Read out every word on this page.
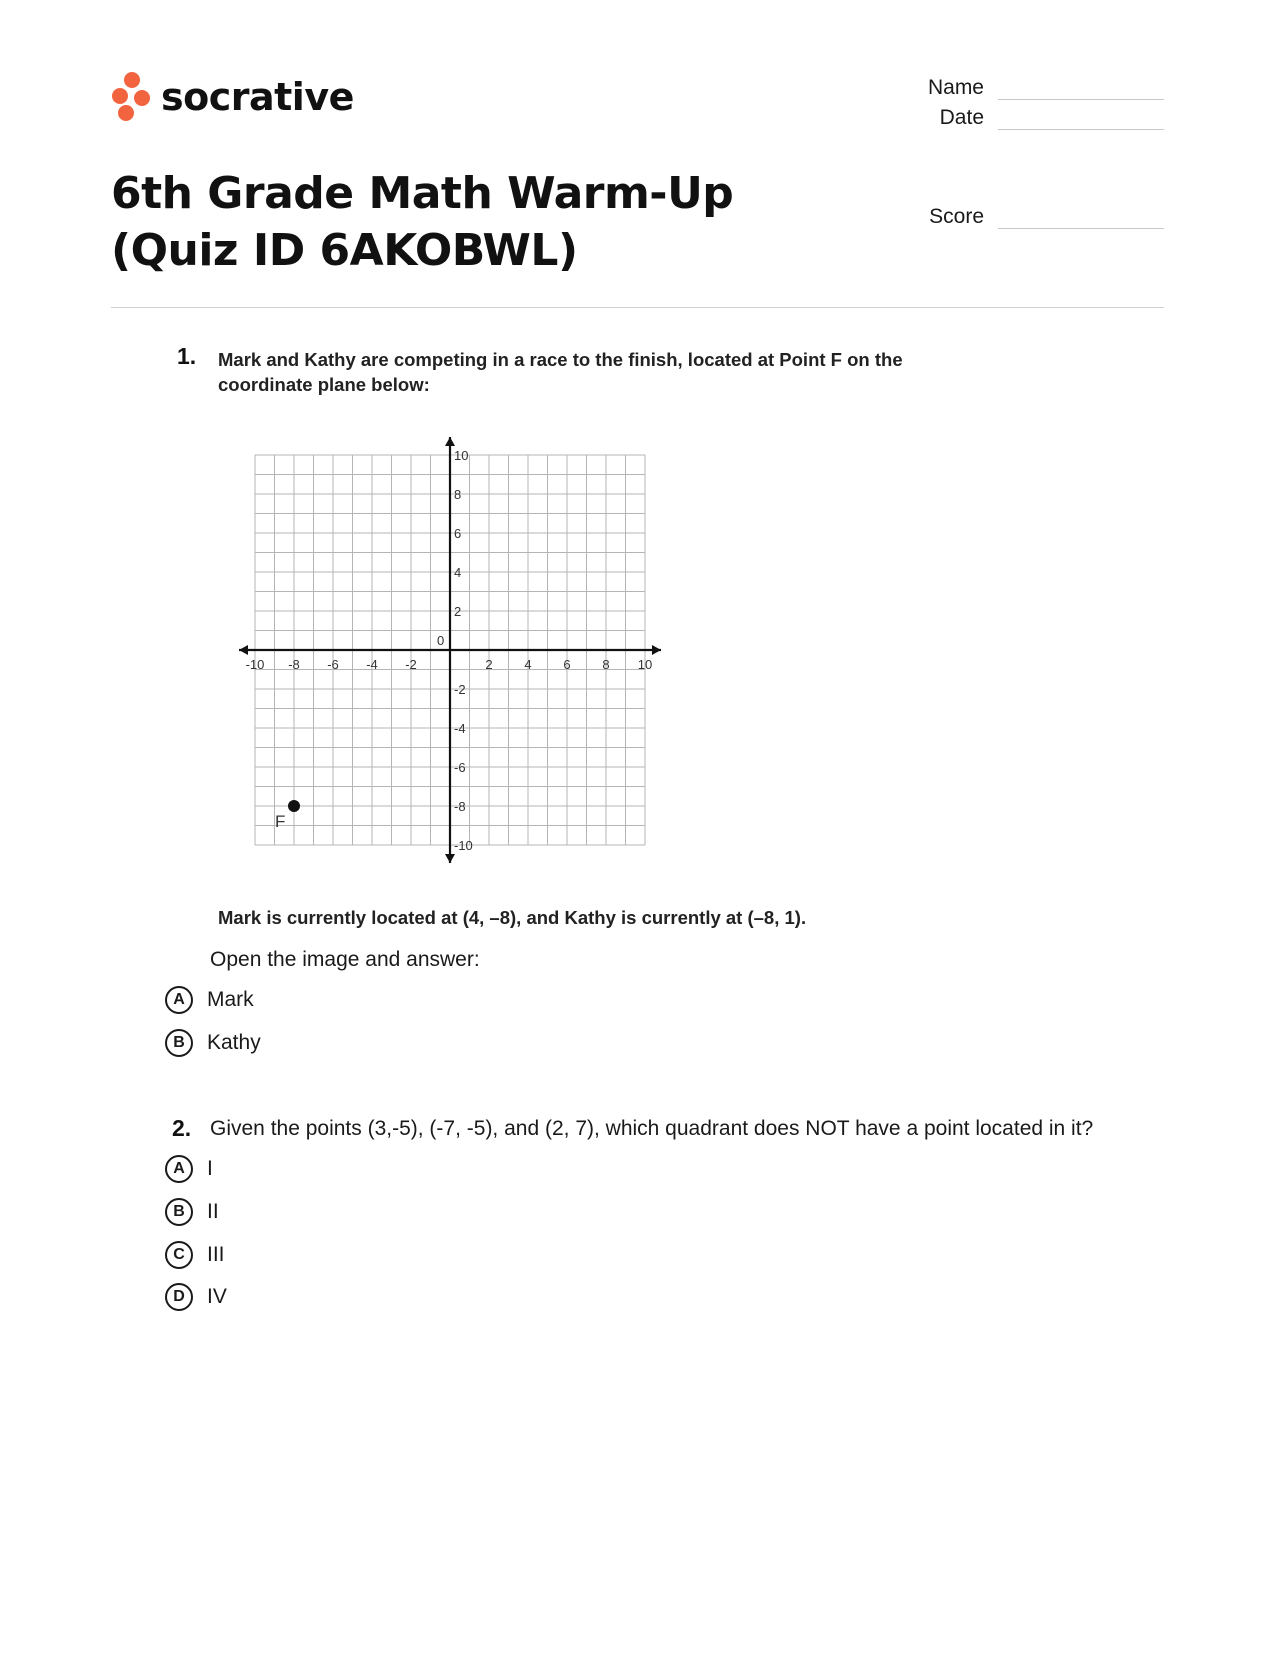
socrative	Name
Date
Score
6th Grade Math Warm-Up (Quiz ID 6AKOBWL)
1. Mark and Kathy are competing in a race to the finish, located at Point F on the coordinate plane below:
-10 -8 -6 -4 -2	2 4 6 8 10
10
8
6
4
2
-2
-4
-6
-8
-10
0
F
Mark is currently located at (4, –8), and Kathy is currently at (–8, 1).
Open the image and answer:
A	Mark
B	Kathy
2. Given the points (3,-5), (-7, -5), and (2, 7), which quadrant does NOT have a point located in it?
A	I
B	II
C	III
D	IV
